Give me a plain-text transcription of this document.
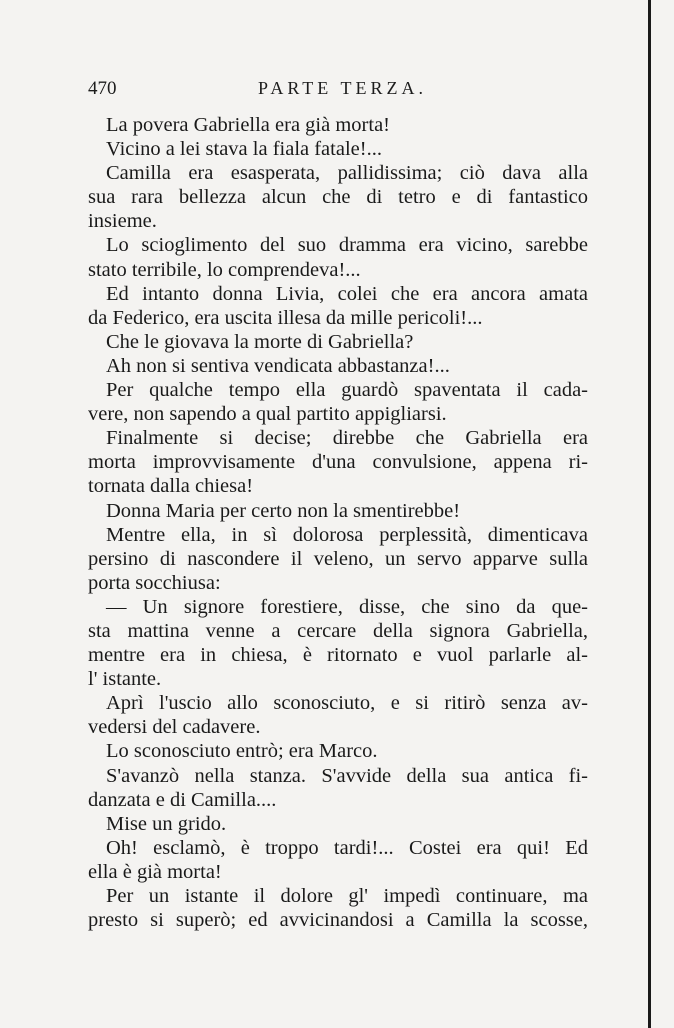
470	PARTE TERZA.
La povera Gabriella era già morta!
Vicino a lei stava la fiala fatale!...
Camilla era esasperata, pallidissima; ciò dava alla
sua rara bellezza alcun che di tetro e di fantastico
insieme.
Lo scioglimento del suo dramma era vicino, sarebbe
stato terribile, lo comprendeva!...
Ed intanto donna Livia, colei che era ancora amata
da Federico, era uscita illesa da mille pericoli!...
Che le giovava la morte di Gabriella?
Ah non si sentiva vendicata abbastanza!...
Per qualche tempo ella guardò spaventata il cada-
vere, non sapendo a qual partito appigliarsi.
Finalmente si decise; direbbe che Gabriella era
morta improvvisamente d'una convulsione, appena ri-
tornata dalla chiesa!
Donna Maria per certo non la smentirebbe!
Mentre ella, in sì dolorosa perplessità, dimenticava
persino di nascondere il veleno, un servo apparve sulla
porta socchiusa:
— Un signore forestiere, disse, che sino da que-
sta mattina venne a cercare della signora Gabriella,
mentre era in chiesa, è ritornato e vuol parlarle al-
l' istante.
Aprì l'uscio allo sconosciuto, e si ritirò senza av-
vedersi del cadavere.
Lo sconosciuto entrò; era Marco.
S'avanzò nella stanza. S'avvide della sua antica fi-
danzata e di Camilla....
Mise un grido.
Oh! esclamò, è troppo tardi!... Costei era qui! Ed
ella è già morta!
Per un istante il dolore gl' impedì continuare, ma
presto si superò; ed avvicinandosi a Camilla la scosse,
